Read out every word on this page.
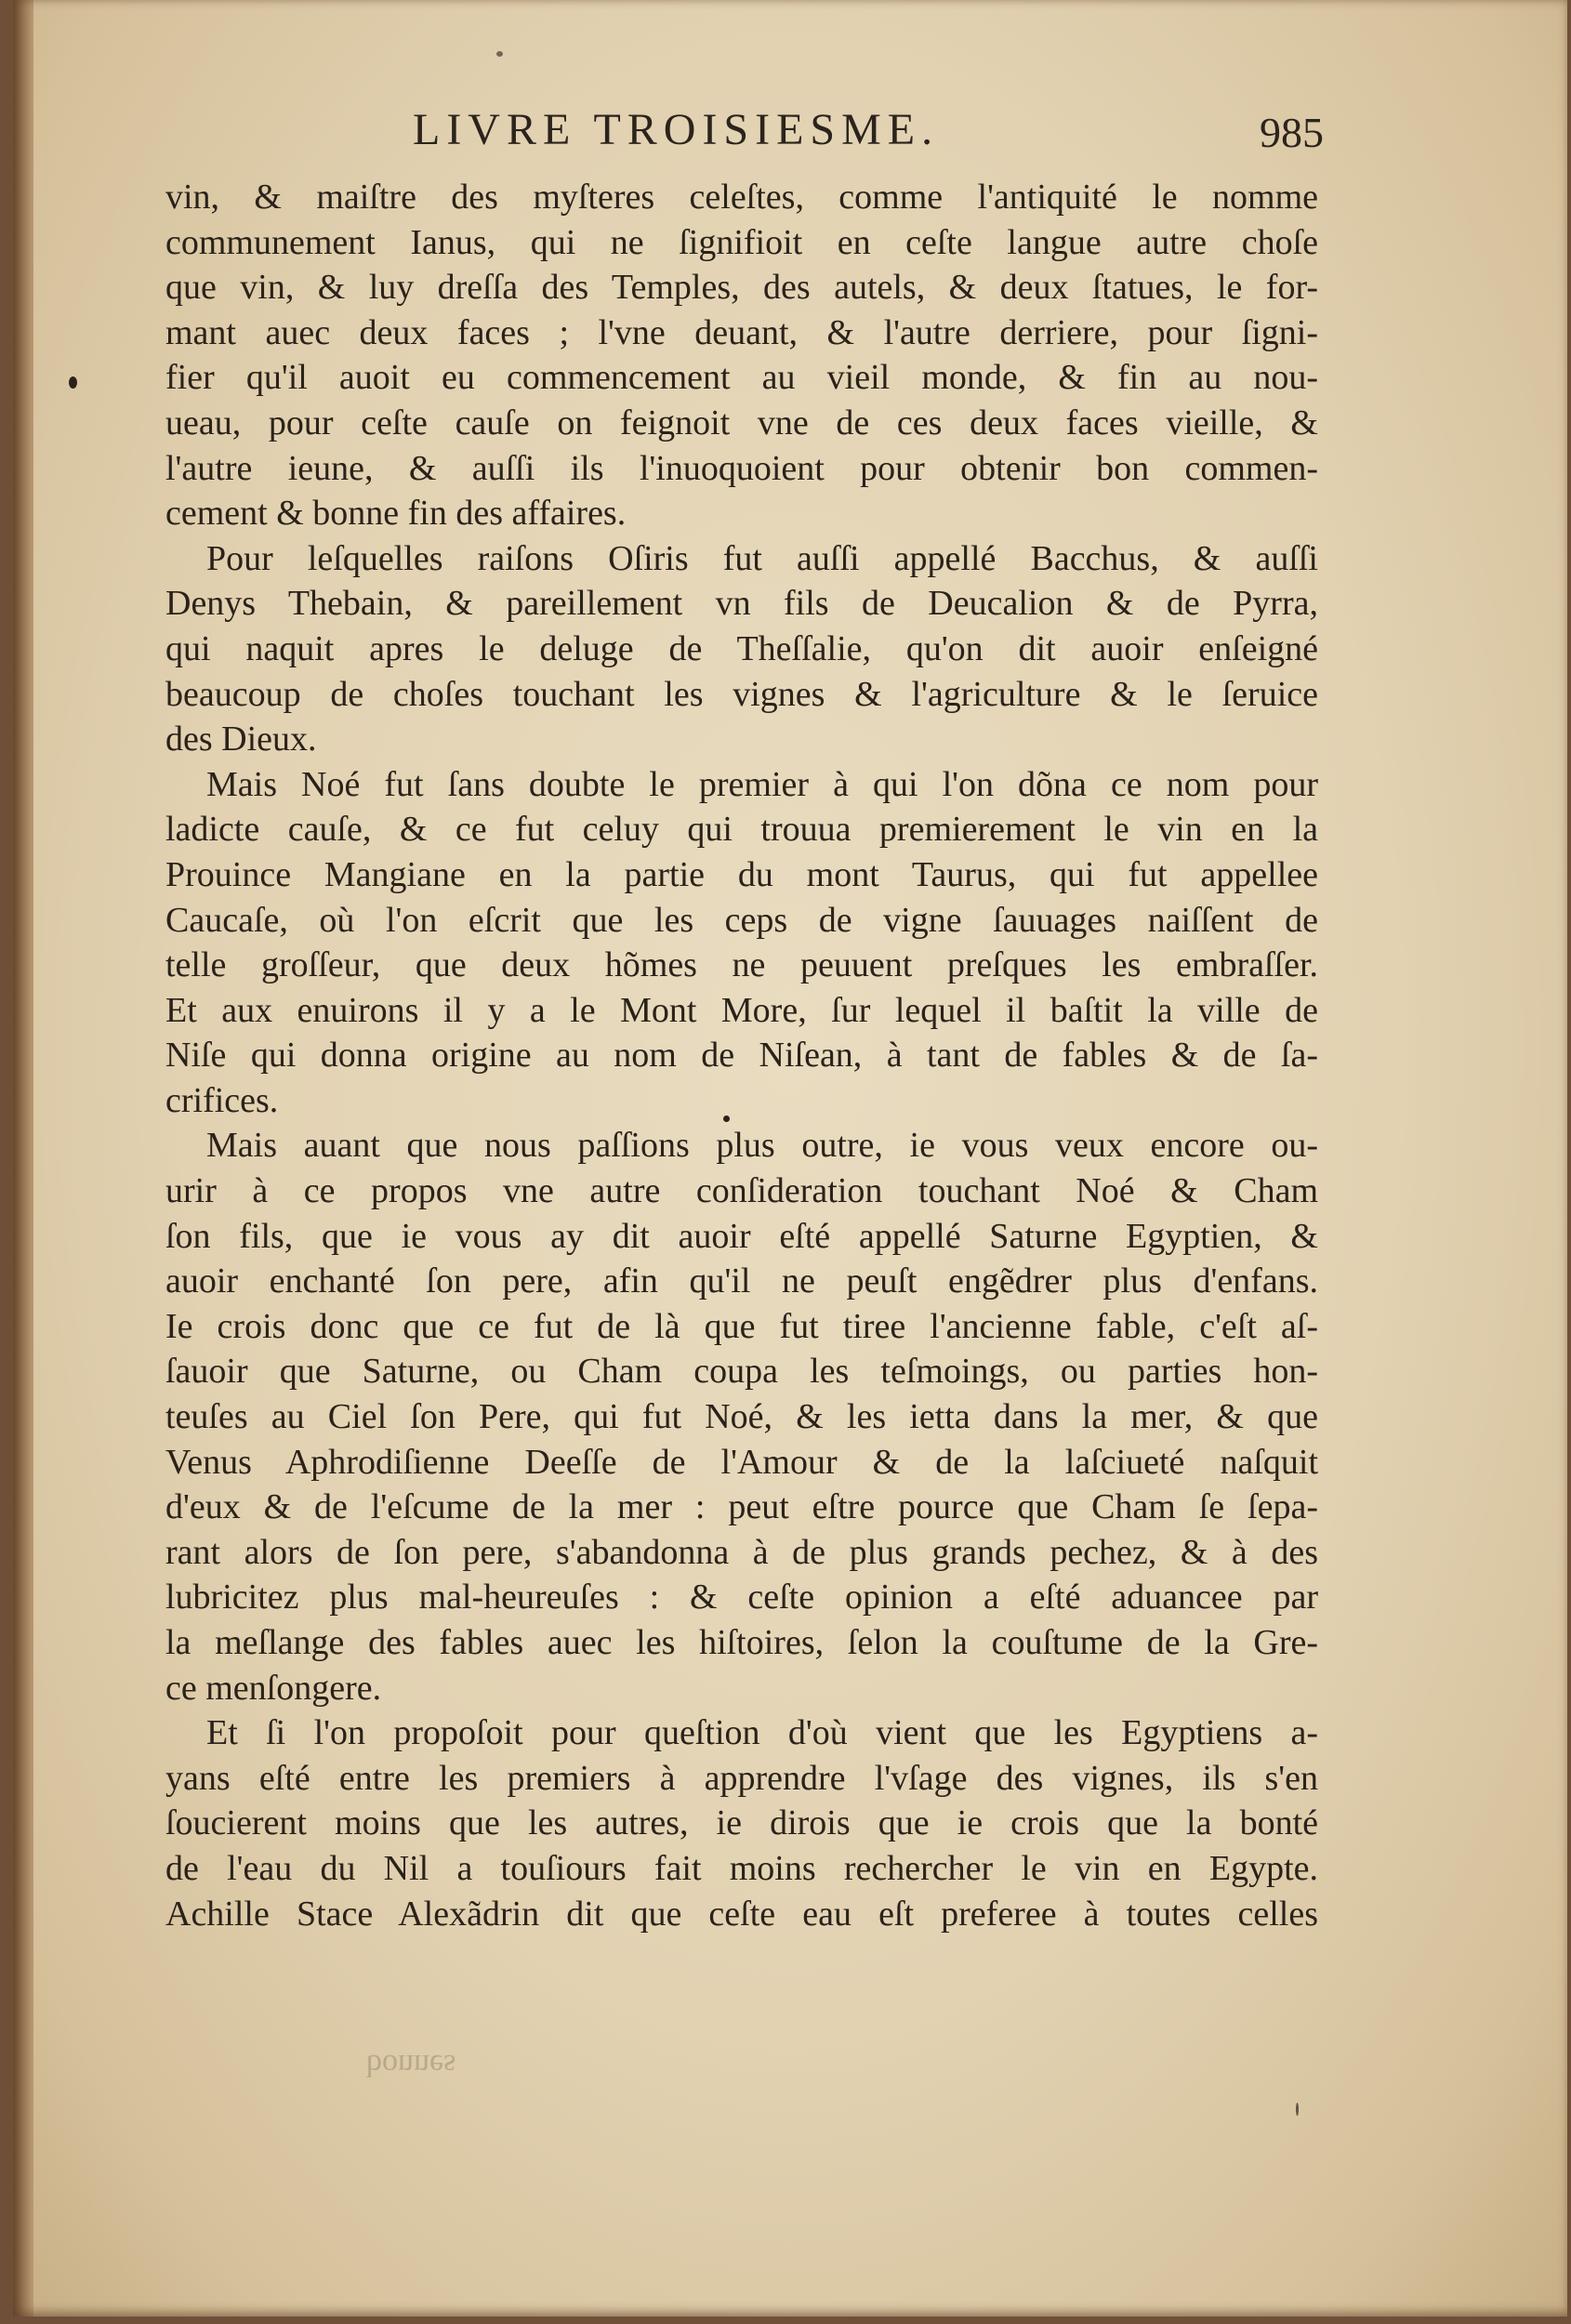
LIVRE TROISIESME.	985
vin, & maiſtre des myſteres celeſtes, comme l'antiquité le nomme
communement Ianus, qui ne ſignifioit en ceſte langue autre choſe
que vin, & luy dreſſa des Temples, des autels, & deux ſtatues, le for-
mant auec deux faces ; l'vne deuant, & l'autre derriere, pour ſigni-
fier qu'il auoit eu commencement au vieil monde, & fin au nou-
ueau, pour ceſte cauſe on feignoit vne de ces deux faces vieille, &
l'autre ieune, & auſſi ils l'inuoquoient pour obtenir bon commen-
cement & bonne fin des affaires.
Pour leſquelles raiſons Oſiris fut auſſi appellé Bacchus, & auſſi
Denys Thebain, & pareillement vn fils de Deucalion & de Pyrra,
qui naquit apres le deluge de Theſſalie, qu'on dit auoir enſeigné
beaucoup de choſes touchant les vignes & l'agriculture & le ſeruice
des Dieux.
Mais Noé fut ſans doubte le premier à qui l'on dõna ce nom pour
ladicte cauſe, & ce fut celuy qui trouua premierement le vin en la
Prouince Mangiane en la partie du mont Taurus, qui fut appellee
Caucaſe, où l'on eſcrit que les ceps de vigne ſauuages naiſſent de
telle groſſeur, que deux hõmes ne peuuent preſques les embraſſer.
Et aux enuirons il y a le Mont More, ſur lequel il baſtit la ville de
Niſe qui donna origine au nom de Niſean, à tant de fables & de ſa-
crifices.
Mais auant que nous paſſions plus outre, ie vous veux encore ou-
urir à ce propos vne autre conſideration touchant Noé & Cham
ſon fils, que ie vous ay dit auoir eſté appellé Saturne Egyptien, &
auoir enchanté ſon pere, afin qu'il ne peuſt engẽdrer plus d'enfans.
Ie crois donc que ce fut de là que fut tiree l'ancienne fable, c'eſt aſ-
ſauoir que Saturne, ou Cham coupa les teſmoings, ou parties hon-
teuſes au Ciel ſon Pere, qui fut Noé, & les ietta dans la mer, & que
Venus Aphrodiſienne Deeſſe de l'Amour & de la laſciueté naſquit
d'eux & de l'eſcume de la mer : peut eſtre pource que Cham ſe ſepa-
rant alors de ſon pere, s'abandonna à de plus grands pechez, & à des
lubricitez plus mal-heureuſes : & ceſte opinion a eſté aduancee par
la meſlange des fables auec les hiſtoires, ſelon la couſtume de la Gre-
ce menſongere.
Et ſi l'on propoſoit pour queſtion d'où vient que les Egyptiens a-
yans eſté entre les premiers à apprendre l'vſage des vignes, ils s'en
ſoucierent moins que les autres, ie dirois que ie crois que la bonté
de l'eau du Nil a touſiours fait moins rechercher le vin en Egypte.
Achille Stace Alexãdrin dit que ceſte eau eſt preferee à toutes celles
bonnes
